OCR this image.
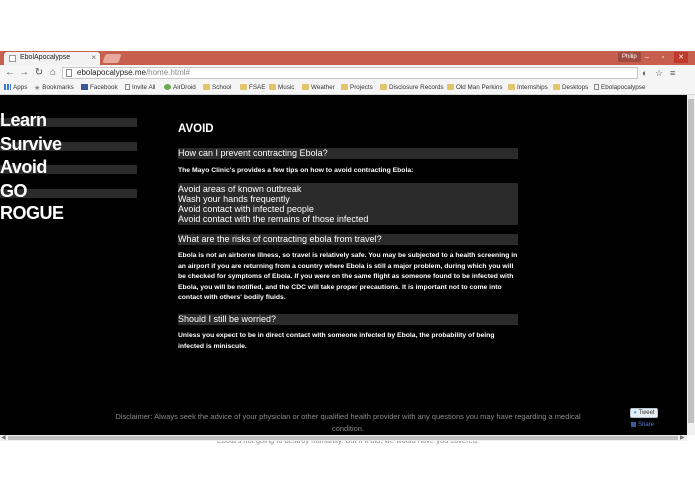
EbolApocalypse	×	Philip	–	▫	✕
← → ↻ ⌂	ebolapocalypse.me/home.html#	◐ ☆ ≡
Apps ★ Bookmarks	Facebook	Invite All	AirDroid	School	FSAE	Music	Weather	Projects	Disclosure Records	Old Man Perkins	Internships	Desktops	Ebolapocalypse
Learn
Survive
Avoid
GO ROGUE
AVOID
How can I prevent contracting Ebola?
The Mayo Clinic's provides a few tips on how to avoid contracting Ebola:
Avoid areas of known outbreak
Wash your hands frequently
Avoid contact with infected people
Avoid contact with the remains of those infected
What are the risks of contracting ebola from travel?
Ebola is not an airborne illness, so travel is relatively safe. You may be subjected to a health screening in an airport if you are returning from a country where Ebola is still a major problem, during which you will be checked for symptoms of Ebola. If you were on the same flight as someone found to be infected with Ebola, you will be notified, and the CDC will take proper precautions. It is important not to come into contact with others' bodily fluids.
Should I still be worried?
Unless you expect to be in direct contact with someone infected by Ebola, the probability of being infected is miniscule.
Disclaimer: Always seek the advice of your physician or other qualified health provider with any questions you may have regarding a medical condition.
● Tweet
Share
◀	▶
